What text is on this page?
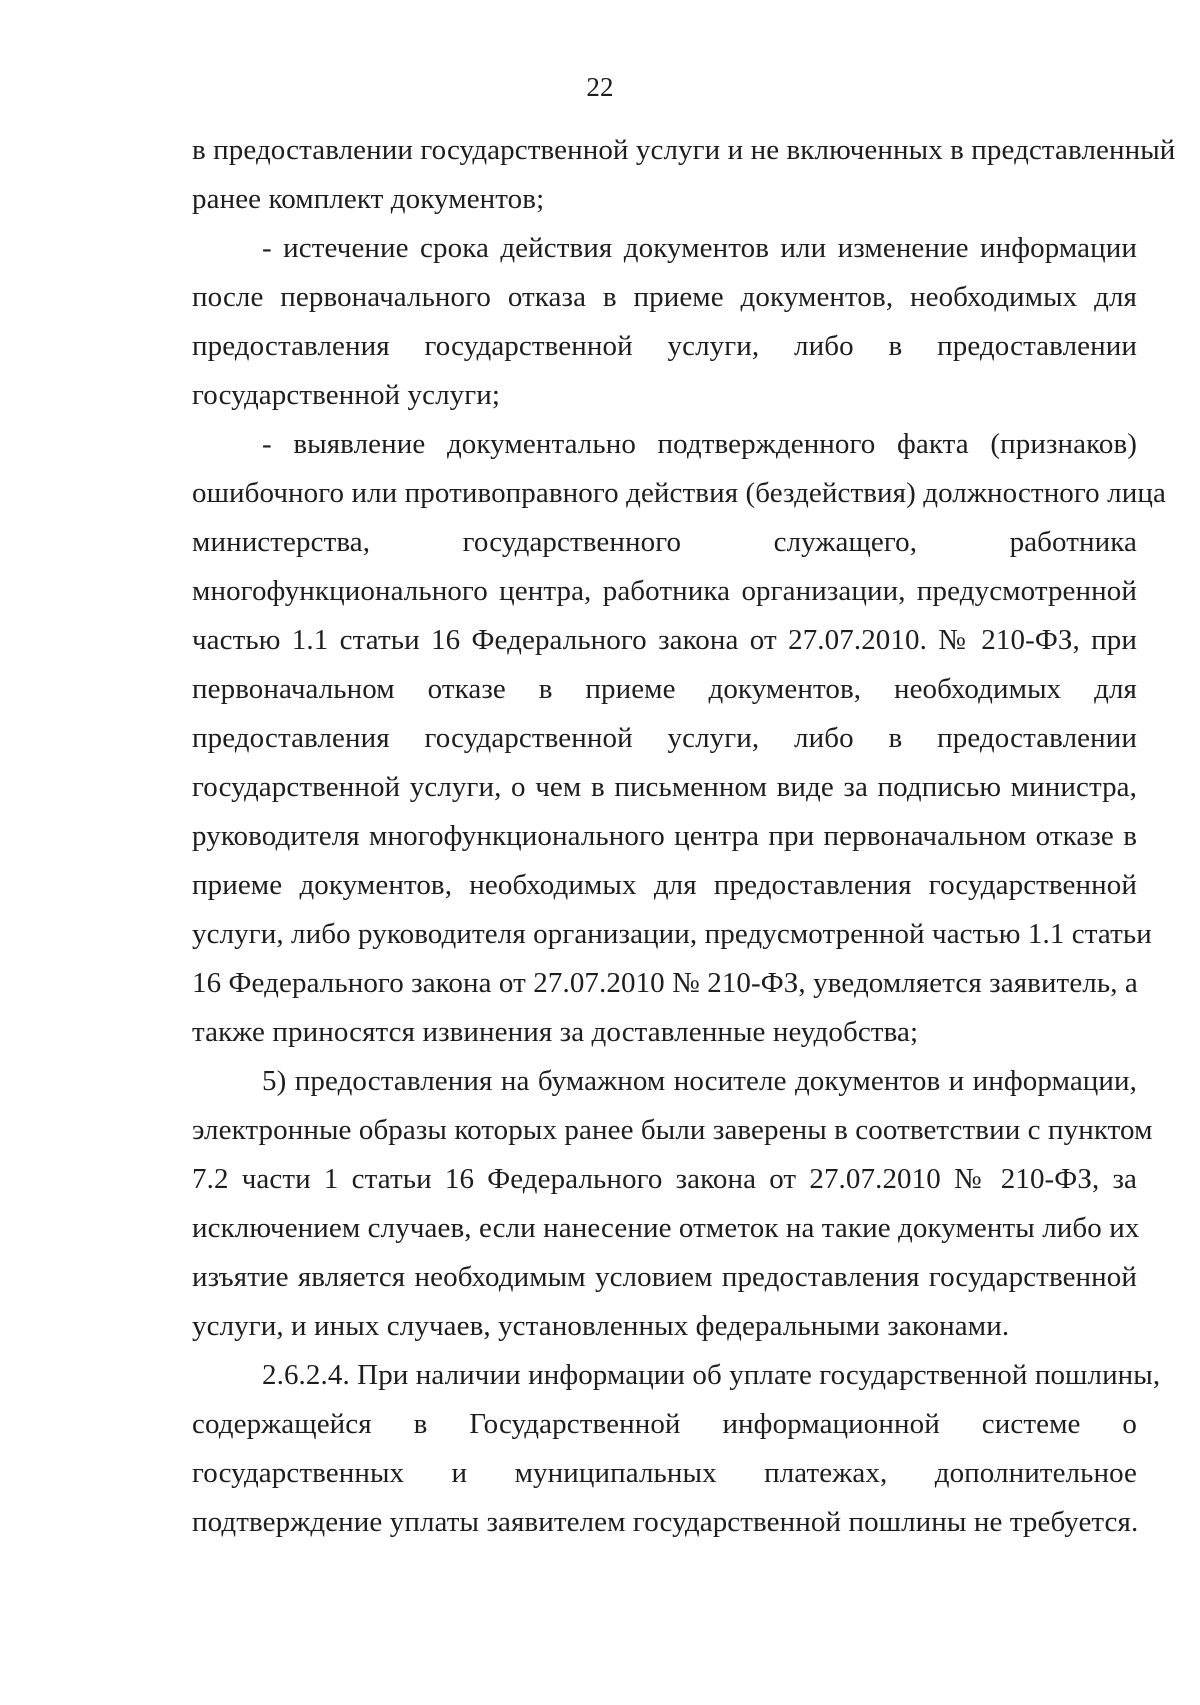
22
в предоставлении государственной услуги и не включенных в представленный
ранее комплект документов;
- истечение срока действия документов или изменение информации
после первоначального отказа в приеме документов, необходимых для
предоставления государственной услуги, либо в предоставлении
государственной услуги;
- выявление документально подтвержденного факта (признаков)
ошибочного или противоправного действия (бездействия) должностного лица
министерства, государственного служащего, работника
многофункционального центра, работника организации, предусмотренной
частью 1.1 статьи 16 Федерального закона от 27.07.2010. № 210-ФЗ, при
первоначальном отказе в приеме документов, необходимых для
предоставления государственной услуги, либо в предоставлении
государственной услуги, о чем в письменном виде за подписью министра,
руководителя многофункционального центра при первоначальном отказе в
приеме документов, необходимых для предоставления государственной
услуги, либо руководителя организации, предусмотренной частью 1.1 статьи
16 Федерального закона от 27.07.2010 № 210-ФЗ, уведомляется заявитель, а
также приносятся извинения за доставленные неудобства;
5) предоставления на бумажном носителе документов и информации,
электронные образы которых ранее были заверены в соответствии с пунктом
7.2 части 1 статьи 16 Федерального закона от 27.07.2010 № 210-ФЗ, за
исключением случаев, если нанесение отметок на такие документы либо их
изъятие является необходимым условием предоставления государственной
услуги, и иных случаев, установленных федеральными законами.
2.6.2.4. При наличии информации об уплате государственной пошлины,
содержащейся в Государственной информационной системе о
государственных и муниципальных платежах, дополнительное
подтверждение уплаты заявителем государственной пошлины не требуется.
